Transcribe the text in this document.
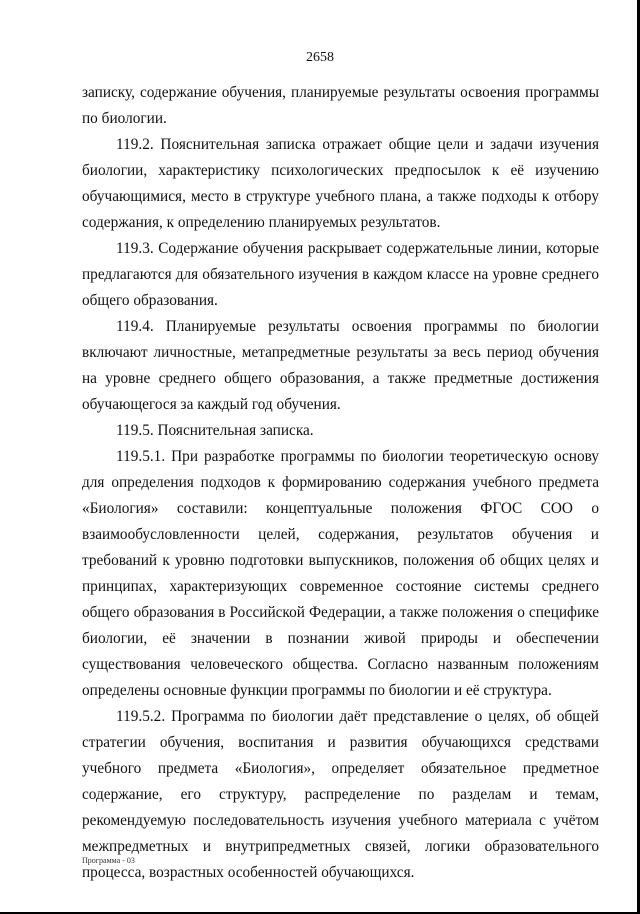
2658

записку, содержание обучения, планируемые результаты освоения программы по биологии.

119.2. Пояснительная записка отражает общие цели и задачи изучения биологии, характеристику психологических предпосылок к её изучению обучающимися, место в структуре учебного плана, а также подходы к отбору содержания, к определению планируемых результатов.

119.3. Содержание обучения раскрывает содержательные линии, которые предлагаются для обязательного изучения в каждом классе на уровне среднего общего образования.

119.4. Планируемые результаты освоения программы по биологии включают личностные, метапредметные результаты за весь период обучения на уровне среднего общего образования, а также предметные достижения обучающегося за каждый год обучения.

119.5. Пояснительная записка.

119.5.1. При разработке программы по биологии теоретическую основу для определения подходов к формированию содержания учебного предмета «Биология» составили: концептуальные положения ФГОС СОО о взаимообусловленности целей, содержания, результатов обучения и требований к уровню подготовки выпускников, положения об общих целях и принципах, характеризующих современное состояние системы среднего общего образования в Российской Федерации, а также положения о специфике биологии, её значении в познании живой природы и обеспечении существования человеческого общества. Согласно названным положениям определены основные функции программы по биологии и её структура.

119.5.2. Программа по биологии даёт представление о целях, об общей стратегии обучения, воспитания и развития обучающихся средствами учебного предмета «Биология», определяет обязательное предметное содержание, его структуру, распределение по разделам и темам, рекомендуемую последовательность изучения учебного материала с учётом межпредметных и внутрипредметных связей, логики образовательного процесса, возрастных особенностей обучающихся.

Программа - 03
